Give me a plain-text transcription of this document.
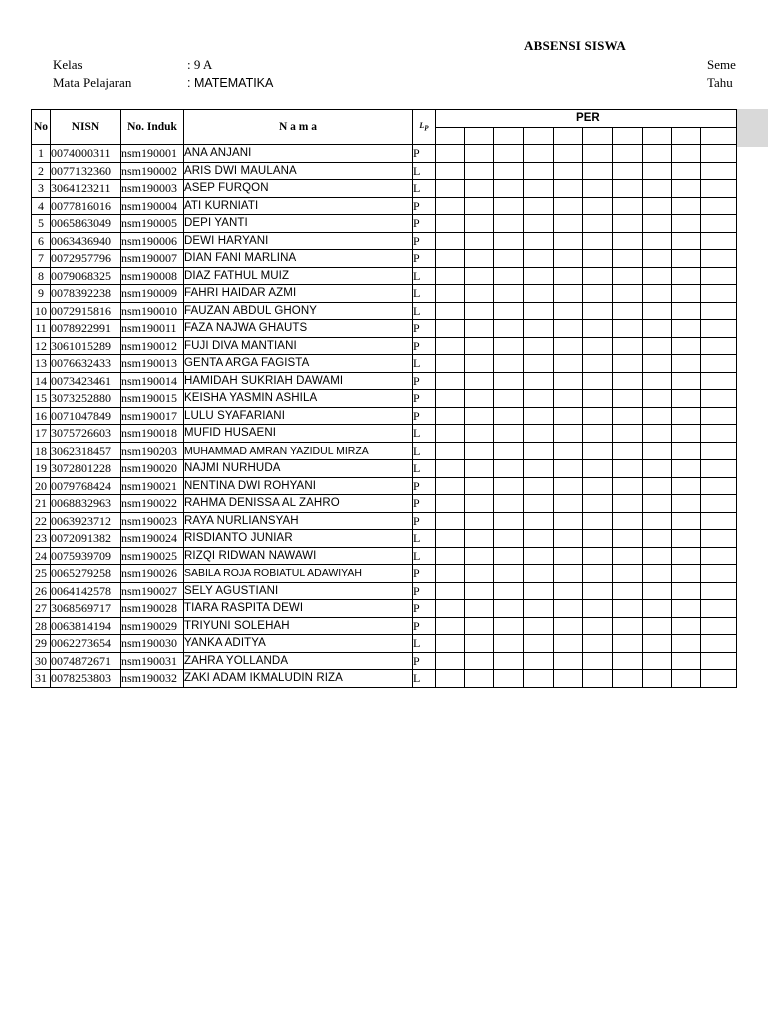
ABSENSI SISWA
Kelas	: 9 A
Mata Pelajaran	: MATEMATIKA
Seme
Tahu
No	NISN	No. Induk	N a m a	$L_P$	PER									

1	0074000311	nsm190001	ANA ANJANI	P										
2	0077132360	nsm190002	ARIS DWI MAULANA	L										
3	3064123211	nsm190003	ASEP FURQON	L										
4	0077816016	nsm190004	ATI KURNIATI	P										
5	0065863049	nsm190005	DEPI YANTI	P										
6	0063436940	nsm190006	DEWI HARYANI	P										
7	0072957796	nsm190007	DIAN FANI MARLINA	P										
8	0079068325	nsm190008	DIAZ FATHUL MUIZ	L										
9	0078392238	nsm190009	FAHRI HAIDAR AZMI	L										
10	0072915816	nsm190010	FAUZAN ABDUL GHONY	L										
11	0078922991	nsm190011	FAZA NAJWA GHAUTS	P										
12	3061015289	nsm190012	FUJI DIVA MANTIANI	P										
13	0076632433	nsm190013	GENTA ARGA FAGISTA	L										
14	0073423461	nsm190014	HAMIDAH SUKRIAH DAWAMI	P										
15	3073252880	nsm190015	KEISHA YASMIN ASHILA	P										
16	0071047849	nsm190017	LULU SYAFARIANI	P										
17	3075726603	nsm190018	MUFID HUSAENI	L										
18	3062318457	nsm190203	MUHAMMAD AMRAN YAZIDUL MIRZA	L										
19	3072801228	nsm190020	NAJMI NURHUDA	L										
20	0079768424	nsm190021	NENTINA DWI ROHYANI	P										
21	0068832963	nsm190022	RAHMA DENISSA AL ZAHRO	P										
22	0063923712	nsm190023	RAYA NURLIANSYAH	P										
23	0072091382	nsm190024	RISDIANTO JUNIAR	L										
24	0075939709	nsm190025	RIZQI RIDWAN NAWAWI	L										
25	0065279258	nsm190026	SABILA ROJA ROBIATUL ADAWIYAH	P										
26	0064142578	nsm190027	SELY AGUSTIANI	P										
27	3068569717	nsm190028	TIARA RASPITA DEWI	P										
28	0063814194	nsm190029	TRIYUNI SOLEHAH	P										
29	0062273654	nsm190030	YANKA ADITYA	L										
30	0074872671	nsm190031	ZAHRA YOLLANDA	P										
31	0078253803	nsm190032	ZAKI ADAM IKMALUDIN RIZA	L										
